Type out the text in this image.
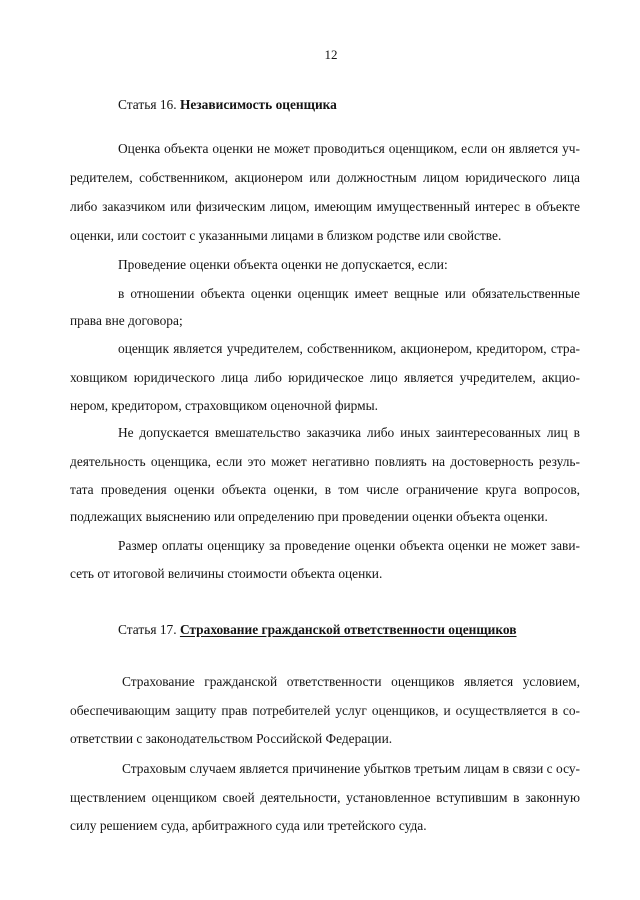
12
Статья 16. Независимость оценщика
Оценка объекта оценки не может проводиться оценщиком, если он является уч-
редителем, собственником, акционером или должностным лицом юридического лица
либо заказчиком или физическим лицом, имеющим имущественный интерес в объекте
оценки, или состоит с указанными лицами в близком родстве или свойстве.
Проведение оценки объекта оценки не допускается, если:
в отношении объекта оценки оценщик имеет вещные или обязательственные
права вне договора;
оценщик является учредителем, собственником, акционером, кредитором, стра-
ховщиком юридического лица либо юридическое лицо является учредителем, акцио-
нером, кредитором, страховщиком оценочной фирмы.
Не допускается вмешательство заказчика либо иных заинтересованных лиц в
деятельность оценщика, если это может негативно повлиять на достоверность резуль-
тата проведения оценки объекта оценки, в том числе ограничение круга вопросов,
подлежащих выяснению или определению при проведении оценки объекта оценки.
Размер оплаты оценщику за проведение оценки объекта оценки не может зави-
сеть от итоговой величины стоимости объекта оценки.
Статья 17. Страхование гражданской ответственности оценщиков
Страхование гражданской ответственности оценщиков является условием,
обеспечивающим защиту прав потребителей услуг оценщиков, и осуществляется в со-
ответствии с законодательством Российской Федерации.
Страховым случаем является причинение убытков третьим лицам в связи с осу-
ществлением оценщиком своей деятельности, установленное вступившим в законную
силу решением суда, арбитражного суда или третейского суда.
